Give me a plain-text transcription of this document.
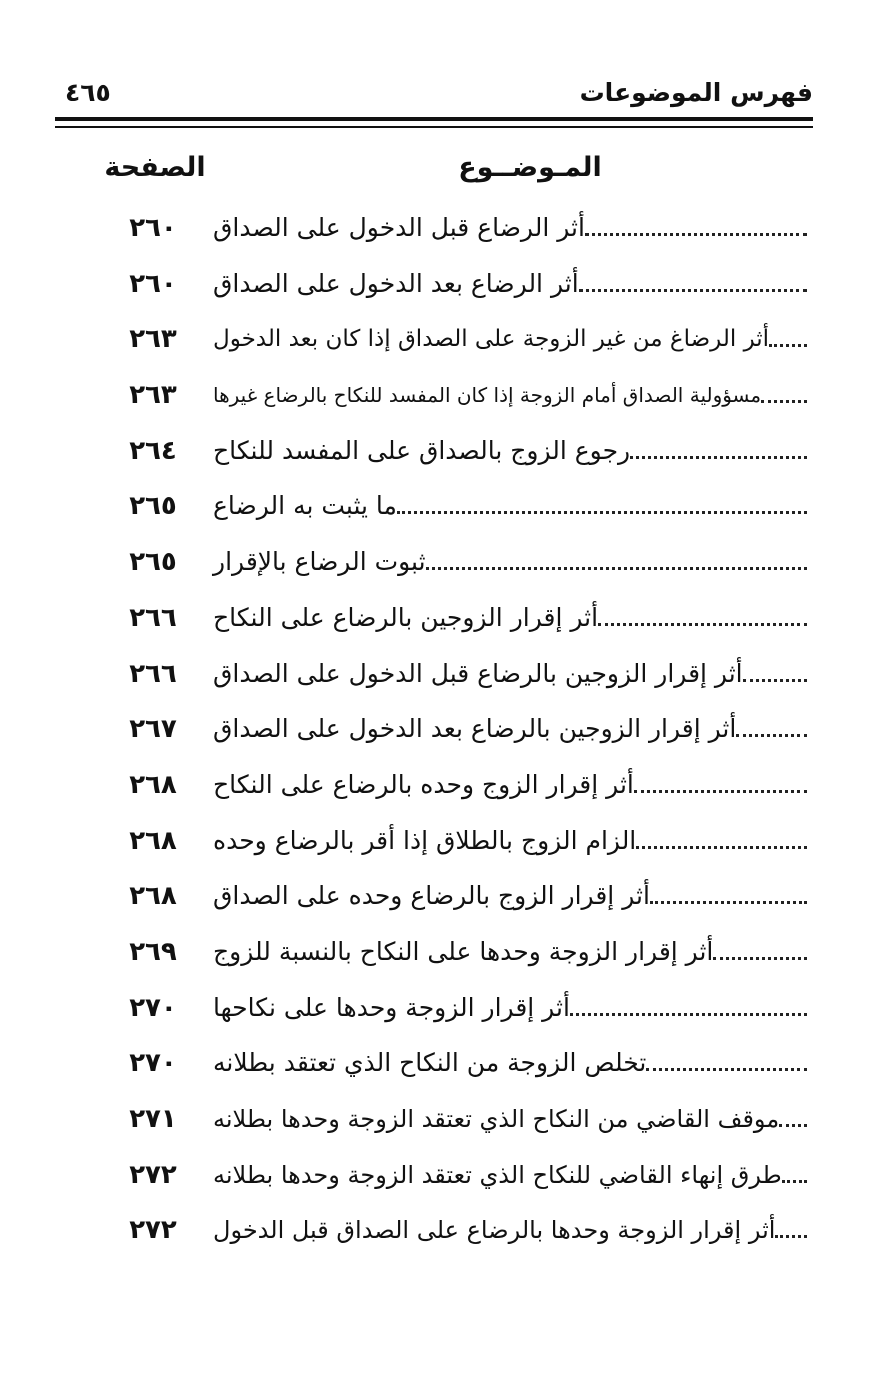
فهرس الموضوعات
٤٦٥
المـوضــوع
الصفحة
أثر الرضاع قبل الدخول على الصداق
٢٦٠
أثر الرضاع بعد الدخول على الصداق
٢٦٠
أثر الرضاغ من غير الزوجة على الصداق إذا كان بعد الدخول
٢٦٣
مسؤولية الصداق أمام الزوجة إذا كان المفسد للنكاح بالرضاع غيرها
٢٦٣
رجوع الزوج بالصداق على المفسد للنكاح
٢٦٤
ما يثبت به الرضاع
٢٦٥
ثبوت الرضاع بالإقرار
٢٦٥
أثر إقرار الزوجين بالرضاع على النكاح
٢٦٦
أثر إقرار الزوجين بالرضاع قبل الدخول على الصداق
٢٦٦
أثر إقرار الزوجين بالرضاع بعد الدخول على الصداق
٢٦٧
أثر إقرار الزوج وحده بالرضاع على النكاح
٢٦٨
الزام الزوج بالطلاق إذا أقر بالرضاع وحده
٢٦٨
أثر إقرار الزوج بالرضاع وحده على الصداق
٢٦٨
أثر إقرار الزوجة وحدها على النكاح بالنسبة للزوج
٢٦٩
أثر إقرار الزوجة وحدها على نكاحها
٢٧٠
تخلص الزوجة من النكاح الذي تعتقد بطلانه
٢٧٠
موقف القاضي من النكاح الذي تعتقد الزوجة وحدها بطلانه
٢٧١
طرق إنهاء القاضي للنكاح الذي تعتقد الزوجة وحدها بطلانه
٢٧٢
أثر إقرار الزوجة وحدها بالرضاع على الصداق قبل الدخول
٢٧٢
